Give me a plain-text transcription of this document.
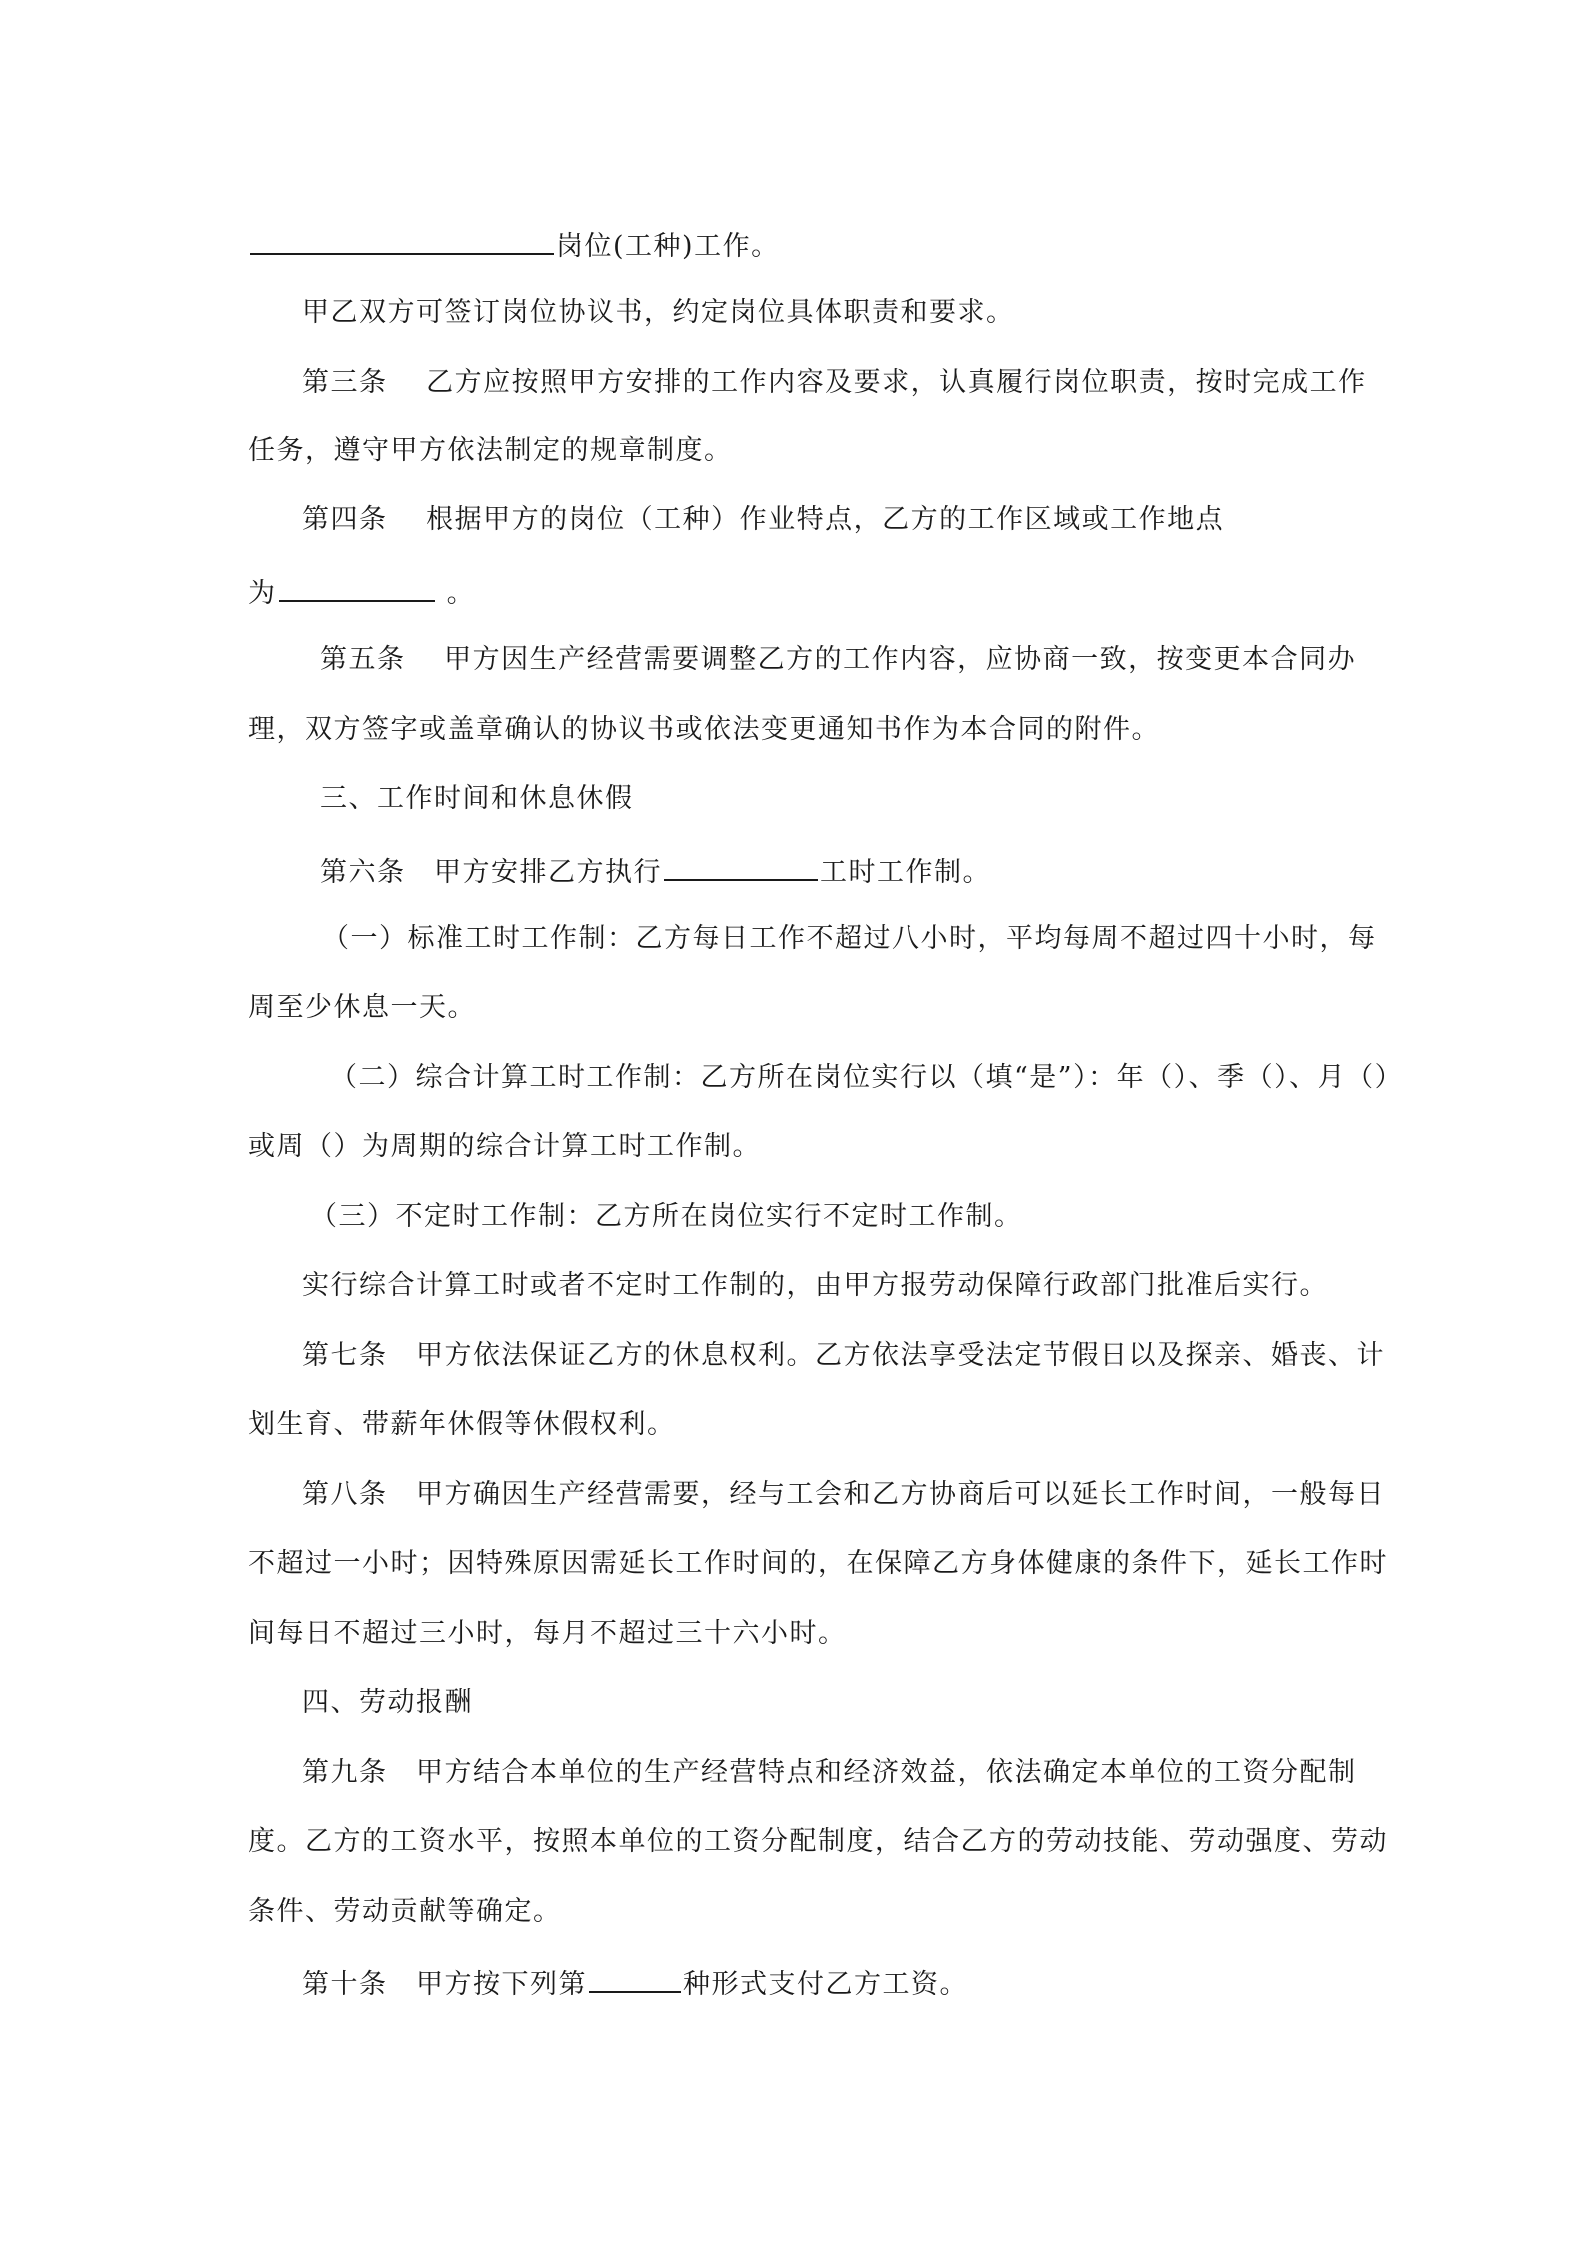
岗位(工种)工作。
甲乙双方可签订岗位协议书，约定岗位具体职责和要求。
第三条　 乙方应按照甲方安排的工作内容及要求，认真履行岗位职责，按时完成工作
任务，遵守甲方依法制定的规章制度。
第四条　 根据甲方的岗位（工种）作业特点，乙方的工作区域或工作地点
为	。
第五条　 甲方因生产经营需要调整乙方的工作内容，应协商一致，按变更本合同办
理，双方签字或盖章确认的协议书或依法变更通知书作为本合同的附件。
三、工作时间和休息休假
第六条　甲方安排乙方执行	工时工作制。
（一）标准工时工作制：乙方每日工作不超过八小时，平均每周不超过四十小时，每
周至少休息一天。
（二）综合计算工时工作制：乙方所在岗位实行以（填“是”）：年（）、季（）、月（）
或周（）为周期的综合计算工时工作制。
（三）不定时工作制：乙方所在岗位实行不定时工作制。
实行综合计算工时或者不定时工作制的，由甲方报劳动保障行政部门批准后实行。
第七条　甲方依法保证乙方的休息权利。乙方依法享受法定节假日以及探亲、婚丧、计
划生育、带薪年休假等休假权利。
第八条　甲方确因生产经营需要，经与工会和乙方协商后可以延长工作时间，一般每日
不超过一小时；因特殊原因需延长工作时间的，在保障乙方身体健康的条件下，延长工作时
间每日不超过三小时，每月不超过三十六小时。
四、劳动报酬
第九条　甲方结合本单位的生产经营特点和经济效益，依法确定本单位的工资分配制
度。乙方的工资水平，按照本单位的工资分配制度，结合乙方的劳动技能、劳动强度、劳动
条件、劳动贡献等确定。
第十条　甲方按下列第	种形式支付乙方工资。
